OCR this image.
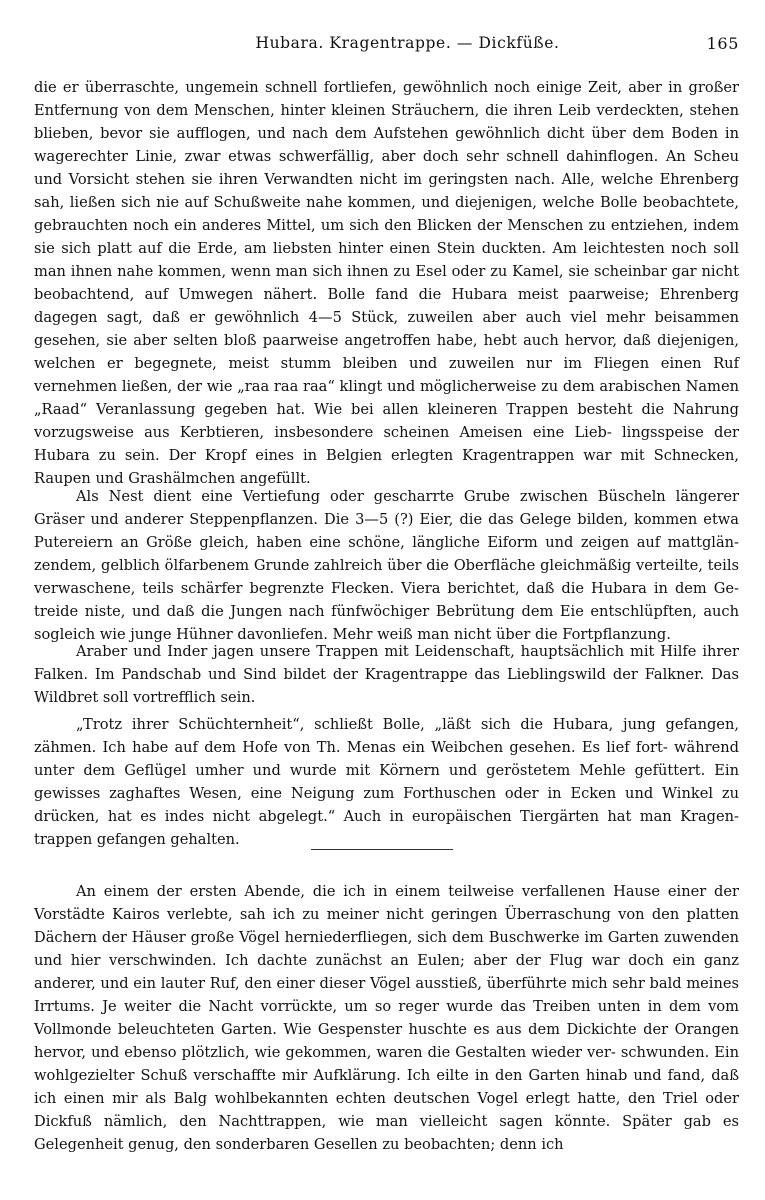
Hubara. Kragentrappe. — Dickfüße.	165

die er überraschte, ungemein schnell fortliefen, gewöhnlich noch einige Zeit, aber in großer Entfernung von dem Menschen, hinter kleinen Sträuchern, die ihren Leib verdeckten, stehen blieben, bevor sie aufflogen, und nach dem Aufstehen gewöhnlich dicht über dem Boden in wagerechter Linie, zwar etwas schwerfällig, aber doch sehr schnell dahinflogen. An Scheu und Vorsicht stehen sie ihren Verwandten nicht im geringsten nach. Alle, welche Ehrenberg sah, ließen sich nie auf Schußweite nahe kommen, und diejenigen, welche Bolle beobachtete, gebrauchten noch ein anderes Mittel, um sich den Blicken der Menschen zu entziehen, indem sie sich platt auf die Erde, am liebsten hinter einen Stein duckten. Am leichtesten noch soll man ihnen nahe kommen, wenn man sich ihnen zu Esel oder zu Kamel, sie scheinbar gar nicht beobachtend, auf Umwegen nähert. Bolle fand die Hubara meist paarweise; Ehrenberg dagegen sagt, daß er gewöhnlich 4—5 Stück, zuweilen aber auch viel mehr beisammen gesehen, sie aber selten bloß paarweise angetroffen habe, hebt auch hervor, daß diejenigen, welchen er begegnete, meist stumm bleiben und zuweilen nur im Fliegen einen Ruf vernehmen ließen, der wie „raa raa raa“ klingt und möglicherweise zu dem arabischen Namen „Raad“ Veranlassung gegeben hat. Wie bei allen kleineren Trappen besteht die Nahrung vorzugsweise aus Kerbtieren, insbesondere scheinen Ameisen eine Lieb- lingsspeise der Hubara zu sein. Der Kropf eines in Belgien erlegten Kragentrappen war mit Schnecken, Raupen und Grashälmchen angefüllt.

Als Nest dient eine Vertiefung oder gescharrte Grube zwischen Büscheln längerer Gräser und anderer Steppenpflanzen. Die 3—5 (?) Eier, die das Gelege bilden, kommen etwa Putereiern an Größe gleich, haben eine schöne, längliche Eiform und zeigen auf mattglän- zendem, gelblich ölfarbenem Grunde zahlreich über die Oberfläche gleichmäßig verteilte, teils verwaschene, teils schärfer begrenzte Flecken. Viera berichtet, daß die Hubara in dem Ge- treide niste, und daß die Jungen nach fünfwöchiger Bebrütung dem Eie entschlüpften, auch sogleich wie junge Hühner davonliefen. Mehr weiß man nicht über die Fortpflanzung.

Araber und Inder jagen unsere Trappen mit Leidenschaft, hauptsächlich mit Hilfe ihrer Falken. Im Pandschab und Sind bildet der Kragentrappe das Lieblingswild der Falkner. Das Wildbret soll vortrefflich sein.

„Trotz ihrer Schüchternheit“, schließt Bolle, „läßt sich die Hubara, jung gefangen, zähmen. Ich habe auf dem Hofe von Th. Menas ein Weibchen gesehen. Es lief fort- während unter dem Geflügel umher und wurde mit Körnern und geröstetem Mehle gefüttert. Ein gewisses zaghaftes Wesen, eine Neigung zum Forthuschen oder in Ecken und Winkel zu drücken, hat es indes nicht abgelegt.“ Auch in europäischen Tiergärten hat man Kragen- trappen gefangen gehalten.

An einem der ersten Abende, die ich in einem teilweise verfallenen Hause einer der Vorstädte Kairos verlebte, sah ich zu meiner nicht geringen Überraschung von den platten Dächern der Häuser große Vögel herniederfliegen, sich dem Buschwerke im Garten zuwenden und hier verschwinden. Ich dachte zunächst an Eulen; aber der Flug war doch ein ganz anderer, und ein lauter Ruf, den einer dieser Vögel ausstieß, überführte mich sehr bald meines Irrtums. Je weiter die Nacht vorrückte, um so reger wurde das Treiben unten in dem vom Vollmonde beleuchteten Garten. Wie Gespenster huschte es aus dem Dickichte der Orangen hervor, und ebenso plötzlich, wie gekommen, waren die Gestalten wieder ver- schwunden. Ein wohlgezielter Schuß verschaffte mir Aufklärung. Ich eilte in den Garten hinab und fand, daß ich einen mir als Balg wohlbekannten echten deutschen Vogel erlegt hatte, den Triel oder Dickfuß nämlich, den Nachttrappen, wie man vielleicht sagen könnte. Später gab es Gelegenheit genug, den sonderbaren Gesellen zu beobachten; denn ich
